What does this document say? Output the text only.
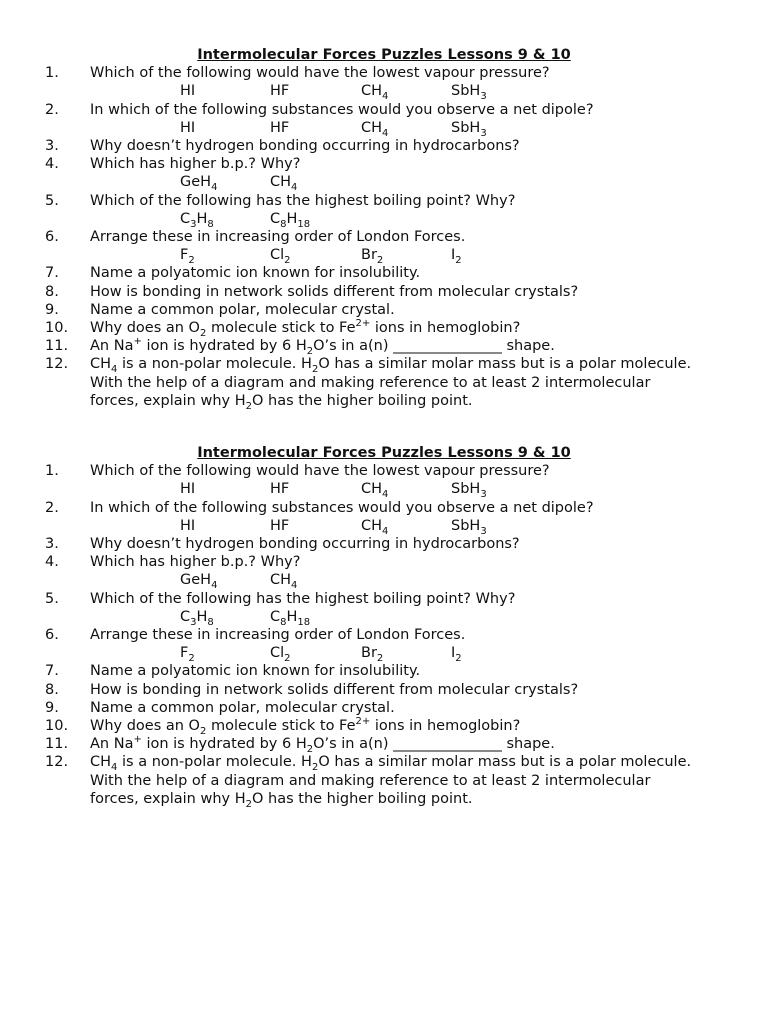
Intermolecular Forces Puzzles Lessons 9 & 10
1. Which of the following would have the lowest vapour pressure?
HI	HF	$CH_4$	SbH$_3$
2. In which of the following substances would you observe a net dipole?
HI	HF	$CH_4$	SbH$_3$
3. Why doesn’t hydrogen bonding occurring in hydrocarbons?
4. Which has higher b.p.? Why?
GeH$_4$	$CH_4$
5. Which of the following has the highest boiling point? Why?
$C_3H_8$	$C_8H_{18}$
6. Arrange these in increasing order of London Forces.
$F_2$	$Cl_2$	$Br_2$	$I_2$
7. Name a polyatomic ion known for insolubility.
8. How is bonding in network solids different from molecular crystals?
9. Name a common polar, molecular crystal.
10. Why does an $O_2$ molecule stick to $Fe^{2+}$ ions in hemoglobin?
11. An Na+ ion is hydrated by 6 $H_2O’s$ in a(n) _______________ shape.
12. $CH_4$ is a non-polar molecule. $H_2O$ has a similar molar mass but is a polar molecule.
With the help of a diagram and making reference to at least 2 intermolecular
forces, explain why $H_2O$ has the higher boiling point.
Intermolecular Forces Puzzles Lessons 9 & 10
1. Which of the following would have the lowest vapour pressure?
HI	HF	$CH_4$	SbH$_3$
2. In which of the following substances would you observe a net dipole?
HI	HF	$CH_4$	SbH$_3$
3. Why doesn’t hydrogen bonding occurring in hydrocarbons?
4. Which has higher b.p.? Why?
GeH$_4$	$CH_4$
5. Which of the following has the highest boiling point? Why?
$C_3H_8$	$C_8H_{18}$
6. Arrange these in increasing order of London Forces.
$F_2$	$Cl_2$	$Br_2$	$I_2$
7. Name a polyatomic ion known for insolubility.
8. How is bonding in network solids different from molecular crystals?
9. Name a common polar, molecular crystal.
10. Why does an $O_2$ molecule stick to $Fe^{2+}$ ions in hemoglobin?
11. An Na+ ion is hydrated by 6 $H_2O’s$ in a(n) _______________ shape.
12. $CH_4$ is a non-polar molecule. $H_2O$ has a similar molar mass but is a polar molecule.
With the help of a diagram and making reference to at least 2 intermolecular
forces, explain why $H_2O$ has the higher boiling point.
